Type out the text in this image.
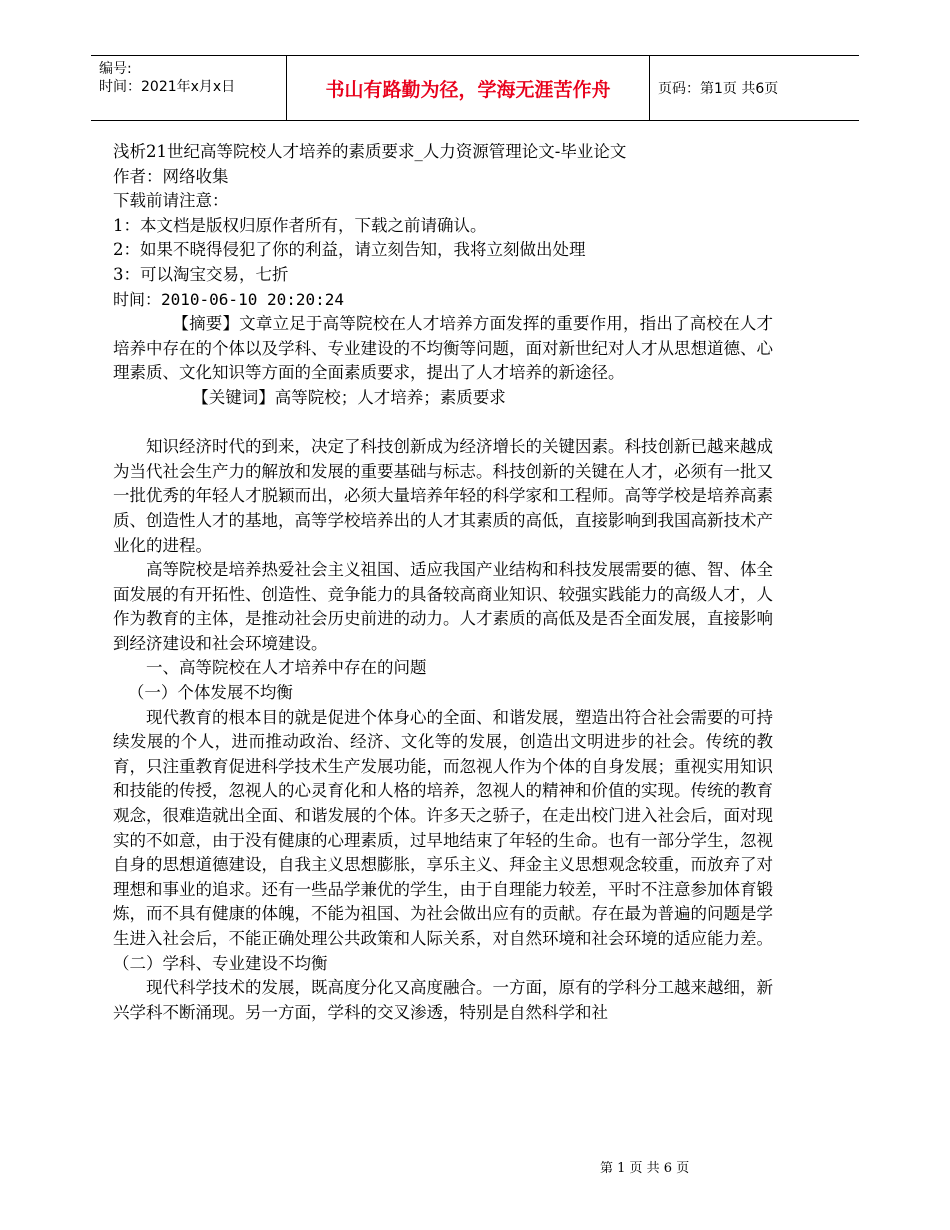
编号:
时间：2021年x月x日	书山有路勤为径，学海无涯苦作舟	页码：第1页 共6页
浅析21世纪高等院校人才培养的素质要求_人力资源管理论文-毕业论文
作者：网络收集
下载前请注意：
1：本文档是版权归原作者所有，下载之前请确认。
2：如果不晓得侵犯了你的利益，请立刻告知，我将立刻做出处理
3：可以淘宝交易，七折
时间：2010-06-10 20:20:24

【摘要】文章立足于高等院校在人才培养方面发挥的重要作用，指出了高校在人才培养中存在的个体以及学科、专业建设的不均衡等问题，面对新世纪对人才从思想道德、心理素质、文化知识等方面的全面素质要求，提出了人才培养的新途径。

【关键词】高等院校；人才培养；素质要求

知识经济时代的到来，决定了科技创新成为经济增长的关键因素。科技创新已越来越成为当代社会生产力的解放和发展的重要基础与标志。科技创新的关键在人才，必须有一批又一批优秀的年轻人才脱颖而出，必须大量培养年轻的科学家和工程师。高等学校是培养高素质、创造性人才的基地，高等学校培养出的人才其素质的高低，直接影响到我国高新技术产业化的进程。

高等院校是培养热爱社会主义祖国、适应我国产业结构和科技发展需要的德、智、体全面发展的有开拓性、创造性、竞争能力的具备较高商业知识、较强实践能力的高级人才，人作为教育的主体，是推动社会历史前进的动力。人才素质的高低及是否全面发展，直接影响到经济建设和社会环境建设。

一、高等院校在人才培养中存在的问题

（一）个体发展不均衡

现代教育的根本目的就是促进个体身心的全面、和谐发展，塑造出符合社会需要的可持续发展的个人，进而推动政治、经济、文化等的发展，创造出文明进步的社会。传统的教育，只注重教育促进科学技术生产发展功能，而忽视人作为个体的自身发展；重视实用知识和技能的传授，忽视人的心灵育化和人格的培养，忽视人的精神和价值的实现。传统的教育观念，很难造就出全面、和谐发展的个体。许多天之骄子，在走出校门进入社会后，面对现实的不如意，由于没有健康的心理素质，过早地结束了年轻的生命。也有一部分学生，忽视自身的思想道德建设，自我主义思想膨胀，享乐主义、拜金主义思想观念较重，而放弃了对理想和事业的追求。还有一些品学兼优的学生，由于自理能力较差，平时不注意参加体育锻炼，而不具有健康的体魄，不能为祖国、为社会做出应有的贡献。存在最为普遍的问题是学生进入社会后，不能正确处理公共政策和人际关系，对自然环境和社会环境的适应能力差。

（二）学科、专业建设不均衡

现代科学技术的发展，既高度分化又高度融合。一方面，原有的学科分工越来越细，新兴学科不断涌现。另一方面，学科的交叉渗透，特别是自然科学和社

第 1 页 共 6 页
